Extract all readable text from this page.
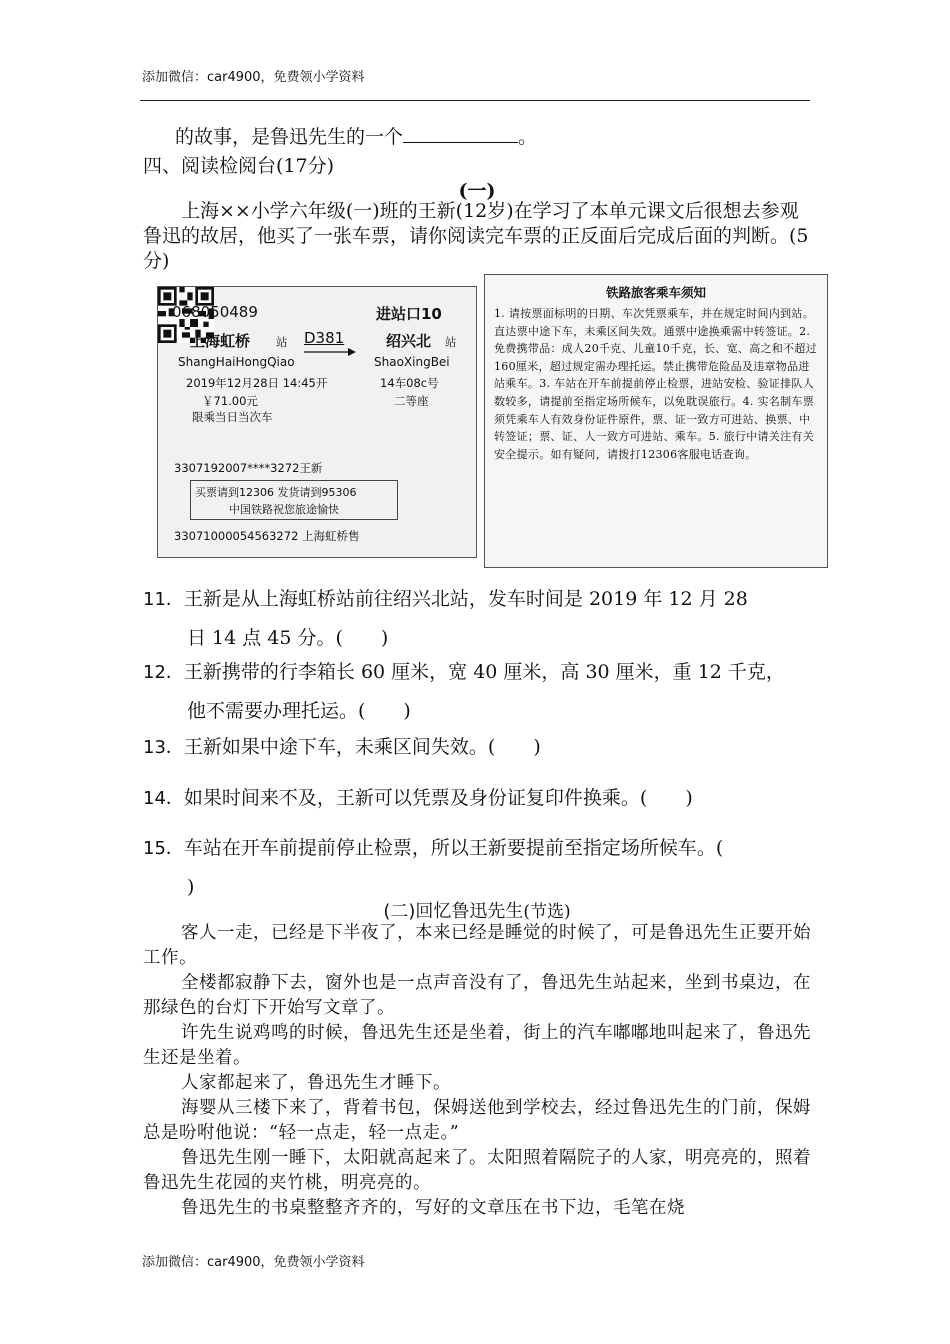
添加微信：car4900，免费领小学资料
的故事，是鲁迅先生的一个	。
四、阅读检阅台(17分)
(一)
上海××小学六年级(一)班的王新(12岁)在学习了本单元课文后很想去参观鲁迅的故居，他买了一张车票，请你阅读完车票的正反面后完成后面的判断。(5分)
068050489	进站口10
上海虹桥 站 D381	绍兴北 站
ShangHaiHongQiao	ShaoXingBei
2019年12月28日 14:45开	14车08c号
￥71.00元	二等座
限乘当日当次车
3307192007****3272王新
买票请到12306 发货请到95306
中国铁路祝您旅途愉快
33071000054563272 上海虹桥售
铁路旅客乘车须知
1. 请按票面标明的日期、车次凭票乘车，并在规定时间内到站。直达票中途下车，未乘区间失效。通票中途换乘需中转签证。2. 免费携带品：成人20千克、儿童10千克，长、宽、高之和不超过160厘米，超过规定需办理托运。禁止携带危险品及违章物品进站乘车。3. 车站在开车前提前停止检票，进站安检、验证排队人数较多，请提前至指定场所候车，以免耽误旅行。4. 实名制车票须凭乘车人有效身份证件原件，票、证一致方可进站、换票、中转签证；票、证、人一致方可进站、乘车。5. 旅行中请关注有关安全提示。如有疑问，请拨打12306客服电话查询。
11．王新是从上海虹桥站前往绍兴北站，发车时间是 2019 年 12 月 28
日 14 点 45 分。(　　)
12．王新携带的行李箱长 60 厘米，宽 40 厘米，高 30 厘米，重 12 千克，
他不需要办理托运。(　　)
13．王新如果中途下车，未乘区间失效。(　　)
14．如果时间来不及，王新可以凭票及身份证复印件换乘。(　　)
15．车站在开车前提前停止检票，所以王新要提前至指定场所候车。(
)
(二)回忆鲁迅先生(节选)

客人一走，已经是下半夜了，本来已经是睡觉的时候了，可是鲁迅先生正要开始工作。

全楼都寂静下去，窗外也是一点声音没有了，鲁迅先生站起来，坐到书桌边，在那绿色的台灯下开始写文章了。

许先生说鸡鸣的时候，鲁迅先生还是坐着，街上的汽车嘟嘟地叫起来了，鲁迅先生还是坐着。

人家都起来了，鲁迅先生才睡下。

海婴从三楼下来了，背着书包，保姆送他到学校去，经过鲁迅先生的门前，保姆总是吩咐他说：“轻一点走，轻一点走。”

鲁迅先生刚一睡下，太阳就高起来了。太阳照着隔院子的人家，明亮亮的，照着鲁迅先生花园的夹竹桃，明亮亮的。

鲁迅先生的书桌整整齐齐的，写好的文章压在书下边，毛笔在烧

添加微信：car4900，免费领小学资料
